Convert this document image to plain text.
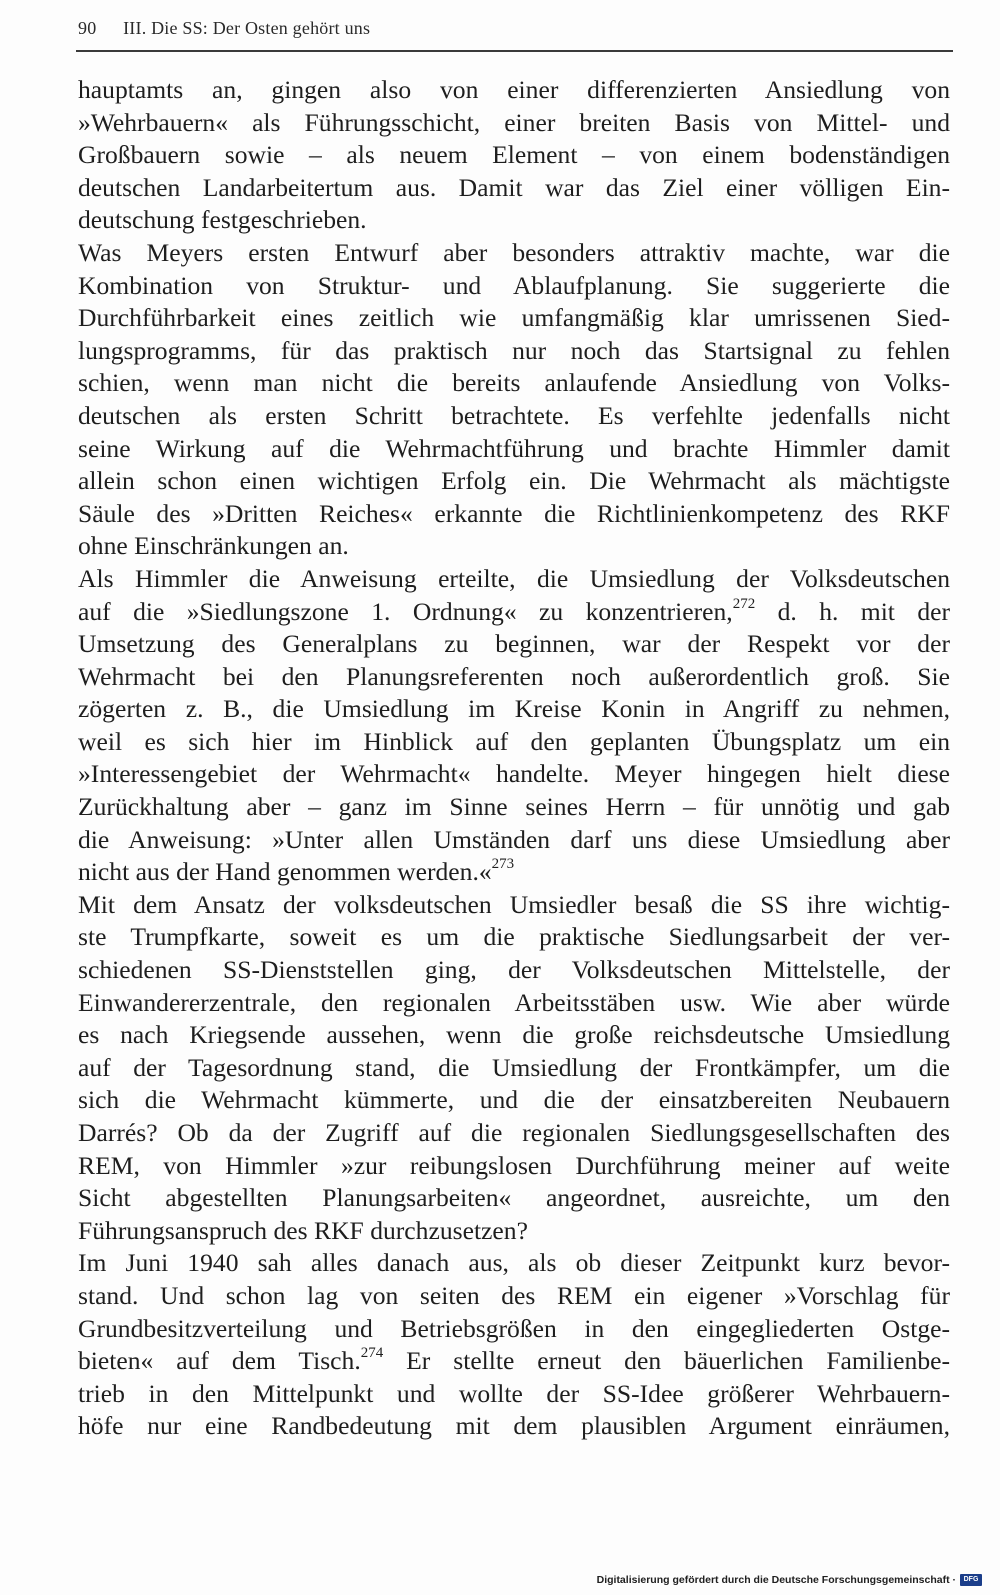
90 III. Die SS: Der Osten gehört uns
hauptamts an, gingen also von einer differenzierten Ansiedlung von
»Wehrbauern« als Führungsschicht, einer breiten Basis von Mittel- und
Großbauern sowie – als neuem Element – von einem bodenständigen
deutschen Landarbeitertum aus. Damit war das Ziel einer völligen Ein-
deutschung festgeschrieben.
Was Meyers ersten Entwurf aber besonders attraktiv machte, war die
Kombination von Struktur- und Ablaufplanung. Sie suggerierte die
Durchführbarkeit eines zeitlich wie umfangmäßig klar umrissenen Sied-
lungsprogramms, für das praktisch nur noch das Startsignal zu fehlen
schien, wenn man nicht die bereits anlaufende Ansiedlung von Volks-
deutschen als ersten Schritt betrachtete. Es verfehlte jedenfalls nicht
seine Wirkung auf die Wehrmachtführung und brachte Himmler damit
allein schon einen wichtigen Erfolg ein. Die Wehrmacht als mächtigste
Säule des »Dritten Reiches« erkannte die Richtlinienkompetenz des RKF
ohne Einschränkungen an.
Als Himmler die Anweisung erteilte, die Umsiedlung der Volksdeutschen
auf die »Siedlungszone 1. Ordnung« zu konzentrieren,$^{272}$ d. h. mit der
Umsetzung des Generalplans zu beginnen, war der Respekt vor der
Wehrmacht bei den Planungsreferenten noch außerordentlich groß. Sie
zögerten z. B., die Umsiedlung im Kreise Konin in Angriff zu nehmen,
weil es sich hier im Hinblick auf den geplanten Übungsplatz um ein
»Interessengebiet der Wehrmacht« handelte. Meyer hingegen hielt diese
Zurückhaltung aber – ganz im Sinne seines Herrn – für unnötig und gab
die Anweisung: »Unter allen Umständen darf uns diese Umsiedlung aber
nicht aus der Hand genommen werden.«$^{273}$
Mit dem Ansatz der volksdeutschen Umsiedler besaß die SS ihre wichtig-
ste Trumpfkarte, soweit es um die praktische Siedlungsarbeit der ver-
schiedenen SS-Dienststellen ging, der Volksdeutschen Mittelstelle, der
Einwandererzentrale, den regionalen Arbeitsstäben usw. Wie aber würde
es nach Kriegsende aussehen, wenn die große reichsdeutsche Umsiedlung
auf der Tagesordnung stand, die Umsiedlung der Frontkämpfer, um die
sich die Wehrmacht kümmerte, und die der einsatzbereiten Neubauern
Darrés? Ob da der Zugriff auf die regionalen Siedlungsgesellschaften des
REM, von Himmler »zur reibungslosen Durchführung meiner auf weite
Sicht abgestellten Planungsarbeiten« angeordnet, ausreichte, um den
Führungsanspruch des RKF durchzusetzen?
Im Juni 1940 sah alles danach aus, als ob dieser Zeitpunkt kurz bevor-
stand. Und schon lag von seiten des REM ein eigener »Vorschlag für
Grundbesitzverteilung und Betriebsgrößen in den eingegliederten Ostge-
bieten« auf dem Tisch.$^{274}$ Er stellte erneut den bäuerlichen Familienbe-
trieb in den Mittelpunkt und wollte der SS-Idee größerer Wehrbauern-
höfe nur eine Randbedeutung mit dem plausiblen Argument einräumen,
Digitalisierung gefördert durch die Deutsche Forschungsgemeinschaft ·	DFG
